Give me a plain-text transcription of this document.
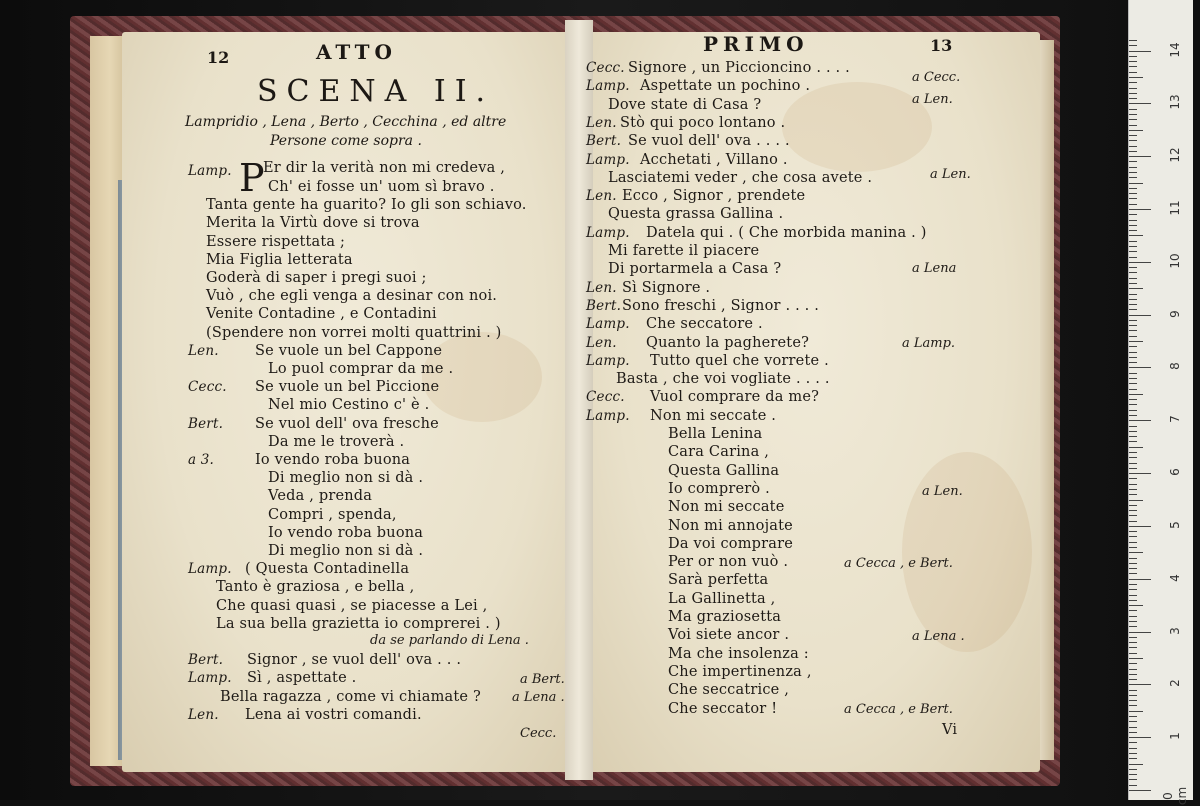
12	ATTO
SCENA II.
Lampridio , Lena , Berto , Cecchina , ed altre
Persone come sopra .
Lamp. P
Er dir la verità non mi credeva ,
Ch' ei fosse un' uom sì bravo .
Tanta gente ha guarito? Io gli son schiavo.
Merita la Virtù dove si trova
Essere rispettata ;
Mia Figlia letterata
Goderà di saper i pregi suoi ;
Vuò , che egli venga a desinar con noi.
Venite Contadine , e Contadini
(Spendere non vorrei molti quattrini . )
Len.	Se vuole un bel Cappone
Lo puol comprar da me .
Cecc. Se vuole un bel Piccione
Nel mio Cestino c' è .
Bert. Se vuol dell' ova fresche
Da me le troverà .
a 3.	Io vendo roba buona
Di meglio non si dà .
Veda , prenda
Compri , spenda,
Io vendo roba buona
Di meglio non si dà .
Lamp. ( Questa Contadinella
Tanto è graziosa , e bella ,
Che quasi quasi , se piacesse a Lei ,
La sua bella grazietta io comprerei . )
da se parlando di Lena .
Bert. Signor , se vuol dell' ova . . .
Lamp. Sì , aspettate .
Bella ragazza , come vi chiamate ?
Len. Lena ai vostri comandi.
a Bert.
a Lena .
Cecc.
PRIMO	13
Cecc. Signore , un Piccioncino . . . .
Lamp. Aspettate un pochino .
Dove state di Casa ?
Len. Stò qui poco lontano .
Bert. Se vuol dell' ova . . . .
Lamp. Acchetati , Villano .
Lasciatemi veder , che cosa avete .
Len. Ecco , Signor , prendete
Questa grassa Gallina .
Lamp. Datela qui . ( Che morbida manina . )
Mi farette il piacere
Di portarmela a Casa ?
Len. Sì Signore .
Bert. Sono freschi , Signor . . . .
Lamp. Che seccatore .
Len. Quanto la pagherete?
Lamp. Tutto quel che vorrete .
Basta , che voi vogliate . . . .
Cecc. Vuol comprare da me?
Lamp. Non mi seccate .
Bella Lenina
Cara Carina ,
Questa Gallina
Io comprerò .
Non mi seccate
Non mi annojate
Da voi comprare
Per or non vuò .
Sarà perfetta
La Gallinetta ,
Ma graziosetta
Voi siete ancor .
Ma che insolenza :
Che impertinenza ,
Che seccatrice ,
Che seccator !
a Cecc.
a Len.
a Len.
a Lena
a Lamp.
a Len.
a Cecca , e Bert.
a Lena .
a Cecca , e Bert.
Vi
14
13
12
11
10
9
8
7
6
5
4
3
2
1
0 cm
